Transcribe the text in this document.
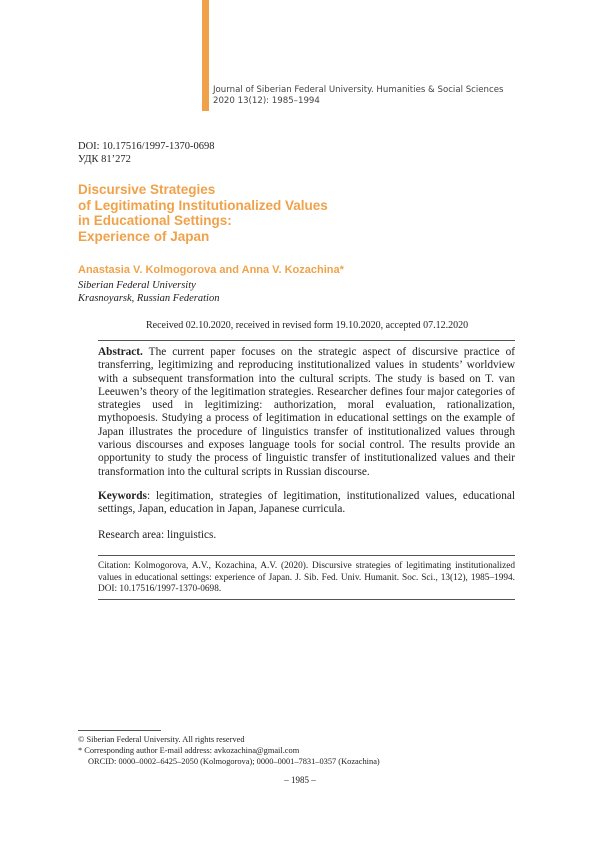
Journal of Siberian Federal University. Humanities & Social Sciences
2020 13(12): 1985–1994
DOI: 10.17516/1997-1370-0698
УДК 81’272
Discursive Strategies
of Legitimating Institutionalized Values
in Educational Settings:
Experience of Japan
Anastasia V. Kolmogorova and Anna V. Kozachina*
Siberian Federal University
Krasnoyarsk, Russian Federation
Received 02.10.2020, received in revised form 19.10.2020, accepted 07.12.2020
Abstract. The current paper focuses on the strategic aspect of discursive practice of transferring, legitimizing and reproducing institutionalized values in students’ worldview with a subsequent transformation into the cultural scripts. The study is based on T. van Leeuwen’s theory of the legitimation strategies. Researcher defines four major categories of strategies used in legitimizing: authorization, moral evaluation, rationalization, mythopoesis. Studying a process of legitimation in educational settings on the example of Japan illustrates the procedure of linguistics transfer of institutionalized values through various discourses and exposes language tools for social control. The results provide an opportunity to study the process of linguistic transfer of institutionalized values and their transformation into the cultural scripts in Russian discourse.
Keywords: legitimation, strategies of legitimation, institutionalized values, educational settings, Japan, education in Japan, Japanese curricula.
Research area: linguistics.
Citation: Kolmogorova, A.V., Kozachina, A.V. (2020). Discursive strategies of legitimating institutionalized values in educational settings: experience of Japan. J. Sib. Fed. Univ. Humanit. Soc. Sci., 13(12), 1985–1994. DOI: 10.17516/1997-1370-0698.
© Siberian Federal University. All rights reserved
* Corresponding author E-mail address: avkozachina@gmail.com
ORCID: 0000–0002–6425–2050 (Kolmogorova); 0000–0001–7831–0357 (Kozachina)
– 1985 –
